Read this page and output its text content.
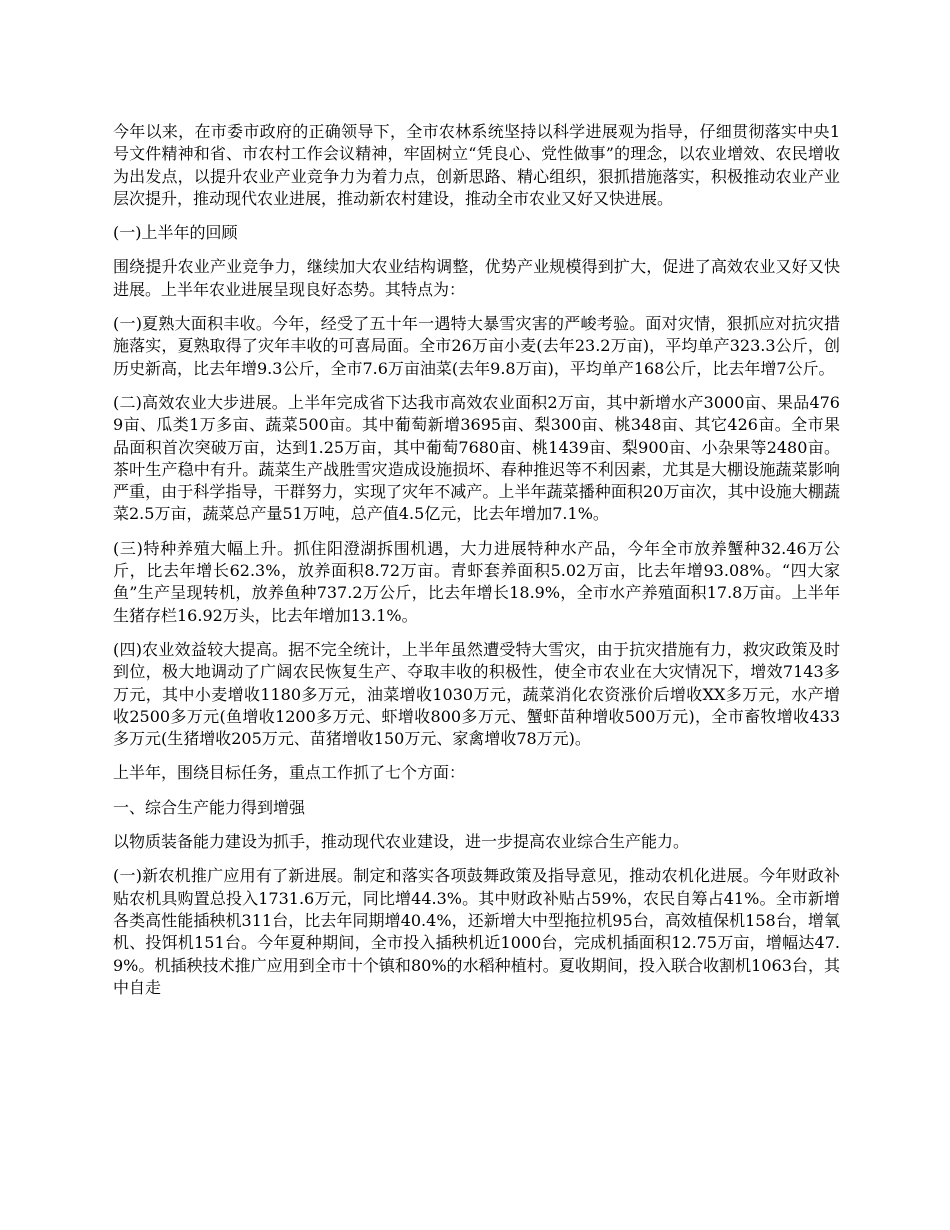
今年以来，在市委市政府的正确领导下，全市农林系统坚持以科学进展观为指导，仔细贯彻落实中央1号文件精神和省、市农村工作会议精神，牢固树立“凭良心、党性做事”的理念，以农业增效、农民增收为出发点，以提升农业产业竞争力为着力点，创新思路、精心组织，狠抓措施落实，积极推动农业产业层次提升，推动现代农业进展，推动新农村建设，推动全市农业又好又快进展。

(一)上半年的回顾

围绕提升农业产业竞争力，继续加大农业结构调整，优势产业规模得到扩大，促进了高效农业又好又快进展。上半年农业进展呈现良好态势。其特点为：

(一)夏熟大面积丰收。今年，经受了五十年一遇特大暴雪灾害的严峻考验。面对灾情，狠抓应对抗灾措施落实，夏熟取得了灾年丰收的可喜局面。全市26万亩小麦(去年23.2万亩)，平均单产323.3公斤，创历史新高，比去年增9.3公斤，全市7.6万亩油菜(去年9.8万亩)，平均单产168公斤，比去年增7公斤。

(二)高效农业大步进展。上半年完成省下达我市高效农业面积2万亩，其中新增水产3000亩、果品4769亩、瓜类1万多亩、蔬菜500亩。其中葡萄新增3695亩、梨300亩、桃348亩、其它426亩。全市果品面积首次突破万亩，达到1.25万亩，其中葡萄7680亩、桃1439亩、梨900亩、小杂果等2480亩。茶叶生产稳中有升。蔬菜生产战胜雪灾造成设施损坏、春种推迟等不利因素，尤其是大棚设施蔬菜影响严重，由于科学指导，干群努力，实现了灾年不减产。上半年蔬菜播种面积20万亩次，其中设施大棚蔬菜2.5万亩，蔬菜总产量51万吨，总产值4.5亿元，比去年增加7.1%。

(三)特种养殖大幅上升。抓住阳澄湖拆围机遇，大力进展特种水产品，今年全市放养蟹种32.46万公斤，比去年增长62.3%，放养面积8.72万亩。青虾套养面积5.02万亩，比去年增93.08%。“四大家鱼”生产呈现转机，放养鱼种737.2万公斤，比去年增长18.9%，全市水产养殖面积17.8万亩。上半年生猪存栏16.92万头，比去年增加13.1%。

(四)农业效益较大提高。据不完全统计，上半年虽然遭受特大雪灾，由于抗灾措施有力，救灾政策及时到位，极大地调动了广阔农民恢复生产、夺取丰收的积极性，使全市农业在大灾情况下，增效7143多万元，其中小麦增收1180多万元，油菜增收1030万元，蔬菜消化农资涨价后增收XX多万元，水产增收2500多万元(鱼增收1200多万元、虾增收800多万元、蟹虾苗种增收500万元)，全市畜牧增收433多万元(生猪增收205万元、苗猪增收150万元、家禽增收78万元)。

上半年，围绕目标任务，重点工作抓了七个方面：

一、综合生产能力得到增强

以物质装备能力建设为抓手，推动现代农业建设，进一步提高农业综合生产能力。

(一)新农机推广应用有了新进展。制定和落实各项鼓舞政策及指导意见，推动农机化进展。今年财政补贴农机具购置总投入1731.6万元，同比增44.3%。其中财政补贴占59%，农民自筹占41%。全市新增各类高性能插秧机311台，比去年同期增40.4%，还新增大中型拖拉机95台，高效植保机158台，增氧机、投饵机151台。今年夏种期间，全市投入插秧机近1000台，完成机插面积12.75万亩，增幅达47.9%。机插秧技术推广应用到全市十个镇和80%的水稻种植村。夏收期间，投入联合收割机1063台，其中自走
